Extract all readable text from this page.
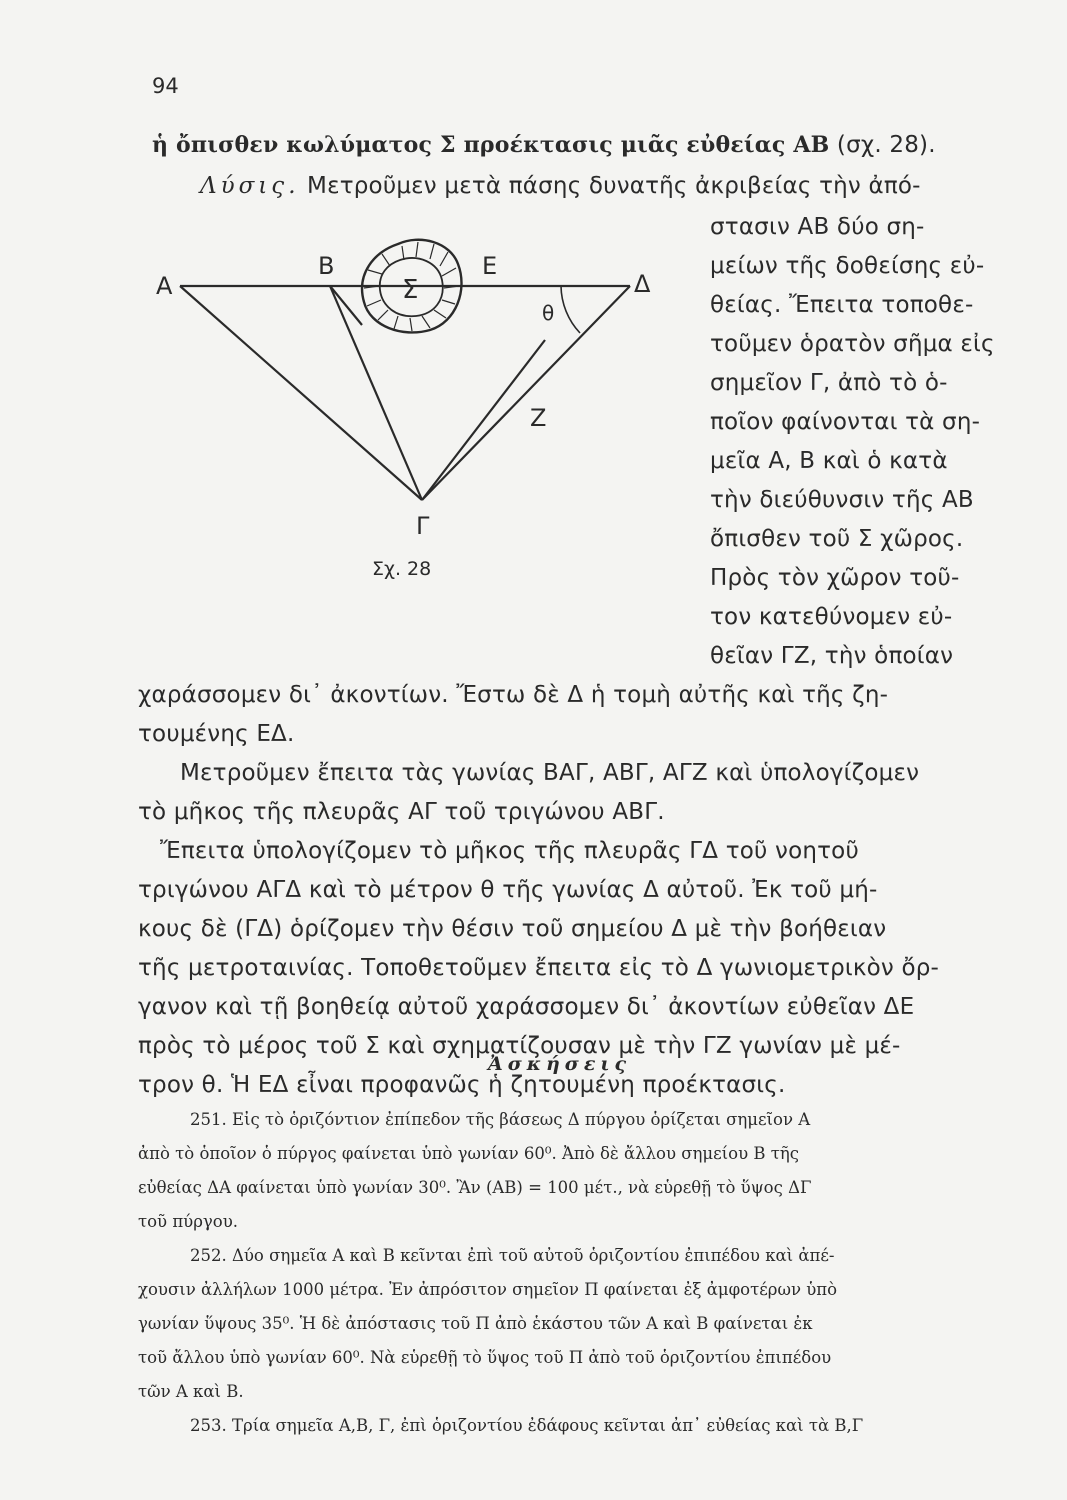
94
ἡ ὄπισθεν κωλύματος Σ προέκτασις μιᾶς εὐθείας ΑΒ (σχ. 28).
Λύσις. Μετροῦμεν μετὰ πάσης δυνατῆς ἀκριβείας τὴν ἀπό-
στασιν ΑΒ δύο ση-
μείων τῆς δοθείσης εὐ-
θείας. Ἔπειτα τοποθε-
τοῦμεν ὁρατὸν σῆμα εἰς
σημεῖον Γ, ἀπὸ τὸ ὁ-
ποῖον φαίνονται τὰ ση-
μεῖα Α, Β καὶ ὁ κατὰ
τὴν διεύθυνσιν τῆς ΑΒ
ὄπισθεν τοῦ Σ χῶρος.
Πρὸς τὸν χῶρον τοῦ-
τον κατεθύνομεν εὐ-
θεῖαν ΓΖ, τὴν ὁποίαν
χαράσσομεν δι᾽ ἀκοντίων. Ἔστω δὲ Δ ἡ τομὴ αὐτῆς καὶ τῆς ζη-
τουμένης ΕΔ.
Μετροῦμεν ἔπειτα τὰς γωνίας ΒΑΓ, ΑΒΓ, ΑΓΖ καὶ ὑπολογίζομεν
τὸ μῆκος τῆς πλευρᾶς ΑΓ τοῦ τριγώνου ΑΒΓ.
Ἔπειτα ὑπολογίζομεν τὸ μῆκος τῆς πλευρᾶς ΓΔ τοῦ νοητοῦ
τριγώνου ΑΓΔ καὶ τὸ μέτρον θ τῆς γωνίας Δ αὐτοῦ. Ἐκ τοῦ μή-
κους δὲ (ΓΔ) ὁρίζομεν τὴν θέσιν τοῦ σημείου Δ μὲ τὴν βοήθειαν
τῆς μετροταινίας. Τοποθετοῦμεν ἔπειτα εἰς τὸ Δ γωνιομετρικὸν ὄρ-
γανον καὶ τῇ βοηθείᾳ αὐτοῦ χαράσσομεν δι᾽ ἀκοντίων εὐθεῖαν ΔΕ
πρὸς τὸ μέρος τοῦ Σ καὶ σχηματίζουσαν μὲ τὴν ΓΖ γωνίαν μὲ μέ-
τρον θ. Ἡ ΕΔ εἶναι προφανῶς ἡ ζητουμένη προέκτασις.
Α
Β	Ε
Δ
Σ
θ
Ζ
Γ
Σχ. 28
Ἀσκήσεις
251. Εἰς τὸ ὁριζόντιον ἐπίπεδον τῆς βάσεως Δ πύργου ὁρίζεται σημεῖον Α
ἀπὸ τὸ ὁποῖον ὁ πύργος φαίνεται ὑπὸ γωνίαν 60⁰. Ἀπὸ δὲ ἄλλου σημείου Β τῆς
εὐθείας ΔΑ φαίνεται ὑπὸ γωνίαν 30⁰. Ἂν (ΑΒ) = 100 μέτ., νὰ εὑρεθῇ τὸ ὕψος ΔΓ
τοῦ πύργου.
252. Δύο σημεῖα Α καὶ Β κεῖνται ἐπὶ τοῦ αὐτοῦ ὁριζοντίου ἐπιπέδου καὶ ἀπέ-
χουσιν ἀλλήλων 1000 μέτρα. Ἐν ἀπρόσιτον σημεῖον Π φαίνεται ἐξ ἀμφοτέρων ὑπὸ
γωνίαν ὕψους 35⁰. Ἡ δὲ ἀπόστασις τοῦ Π ἀπὸ ἑκάστου τῶν Α καὶ Β φαίνεται ἐκ
τοῦ ἄλλου ὑπὸ γωνίαν 60⁰. Νὰ εὑρεθῇ τὸ ὕψος τοῦ Π ἀπὸ τοῦ ὁριζοντίου ἐπιπέδου
τῶν Α καὶ Β.
253. Τρία σημεῖα Α,Β, Γ, ἐπὶ ὁριζοντίου ἐδάφους κεῖνται ἀπ᾽ εὐθείας καὶ τὰ Β,Γ
